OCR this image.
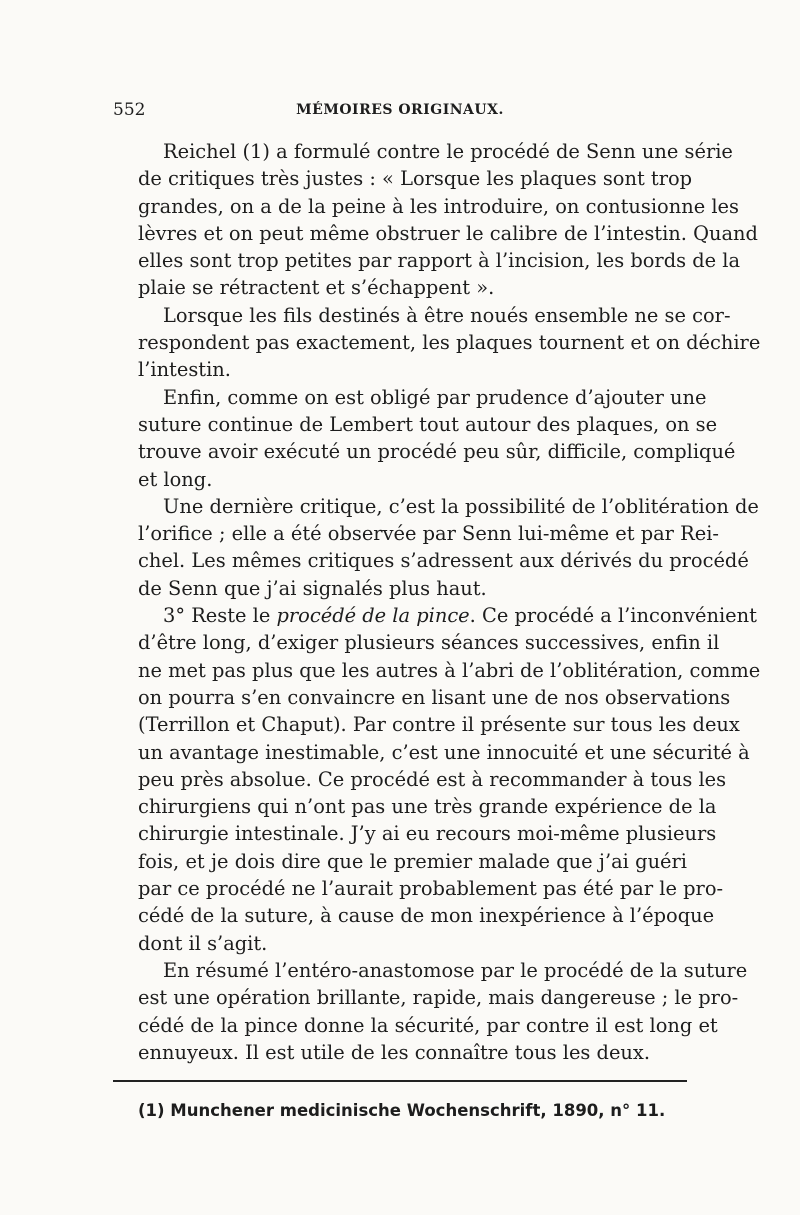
552	MÉMOIRES ORIGINAUX.

Reichel (1) a formulé contre le procédé de Senn une série
de critiques très justes : « Lorsque les plaques sont trop
grandes, on a de la peine à les introduire, on contusionne les
lèvres et on peut même obstruer le calibre de l’intestin. Quand
elles sont trop petites par rapport à l’incision, les bords de la
plaie se rétractent et s’échappent ».

Lorsque les fils destinés à être noués ensemble ne se cor-
respondent pas exactement, les plaques tournent et on déchire
l’intestin.

Enfin, comme on est obligé par prudence d’ajouter une
suture continue de Lembert tout autour des plaques, on se
trouve avoir exécuté un procédé peu sûr, difficile, compliqué
et long.

Une dernière critique, c’est la possibilité de l’oblitération de
l’orifice ; elle a été observée par Senn lui-même et par Rei-
chel. Les mêmes critiques s’adressent aux dérivés du procédé
de Senn que j’ai signalés plus haut.

3° Reste le procédé de la pince. Ce procédé a l’inconvénient
d’être long, d’exiger plusieurs séances successives, enfin il
ne met pas plus que les autres à l’abri de l’oblitération, comme
on pourra s’en convaincre en lisant une de nos observations
(Terrillon et Chaput). Par contre il présente sur tous les deux
un avantage inestimable, c’est une innocuité et une sécurité à
peu près absolue. Ce procédé est à recommander à tous les
chirurgiens qui n’ont pas une très grande expérience de la
chirurgie intestinale. J’y ai eu recours moi-même plusieurs
fois, et je dois dire que le premier malade que j’ai guéri
par ce procédé ne l’aurait probablement pas été par le pro-
cédé de la suture, à cause de mon inexpérience à l’époque
dont il s’agit.

En résumé l’entéro-anastomose par le procédé de la suture
est une opération brillante, rapide, mais dangereuse ; le pro-
cédé de la pince donne la sécurité, par contre il est long et
ennuyeux. Il est utile de les connaître tous les deux.

(1) Munchener medicinische Wochenschrift, 1890, n° 11.
